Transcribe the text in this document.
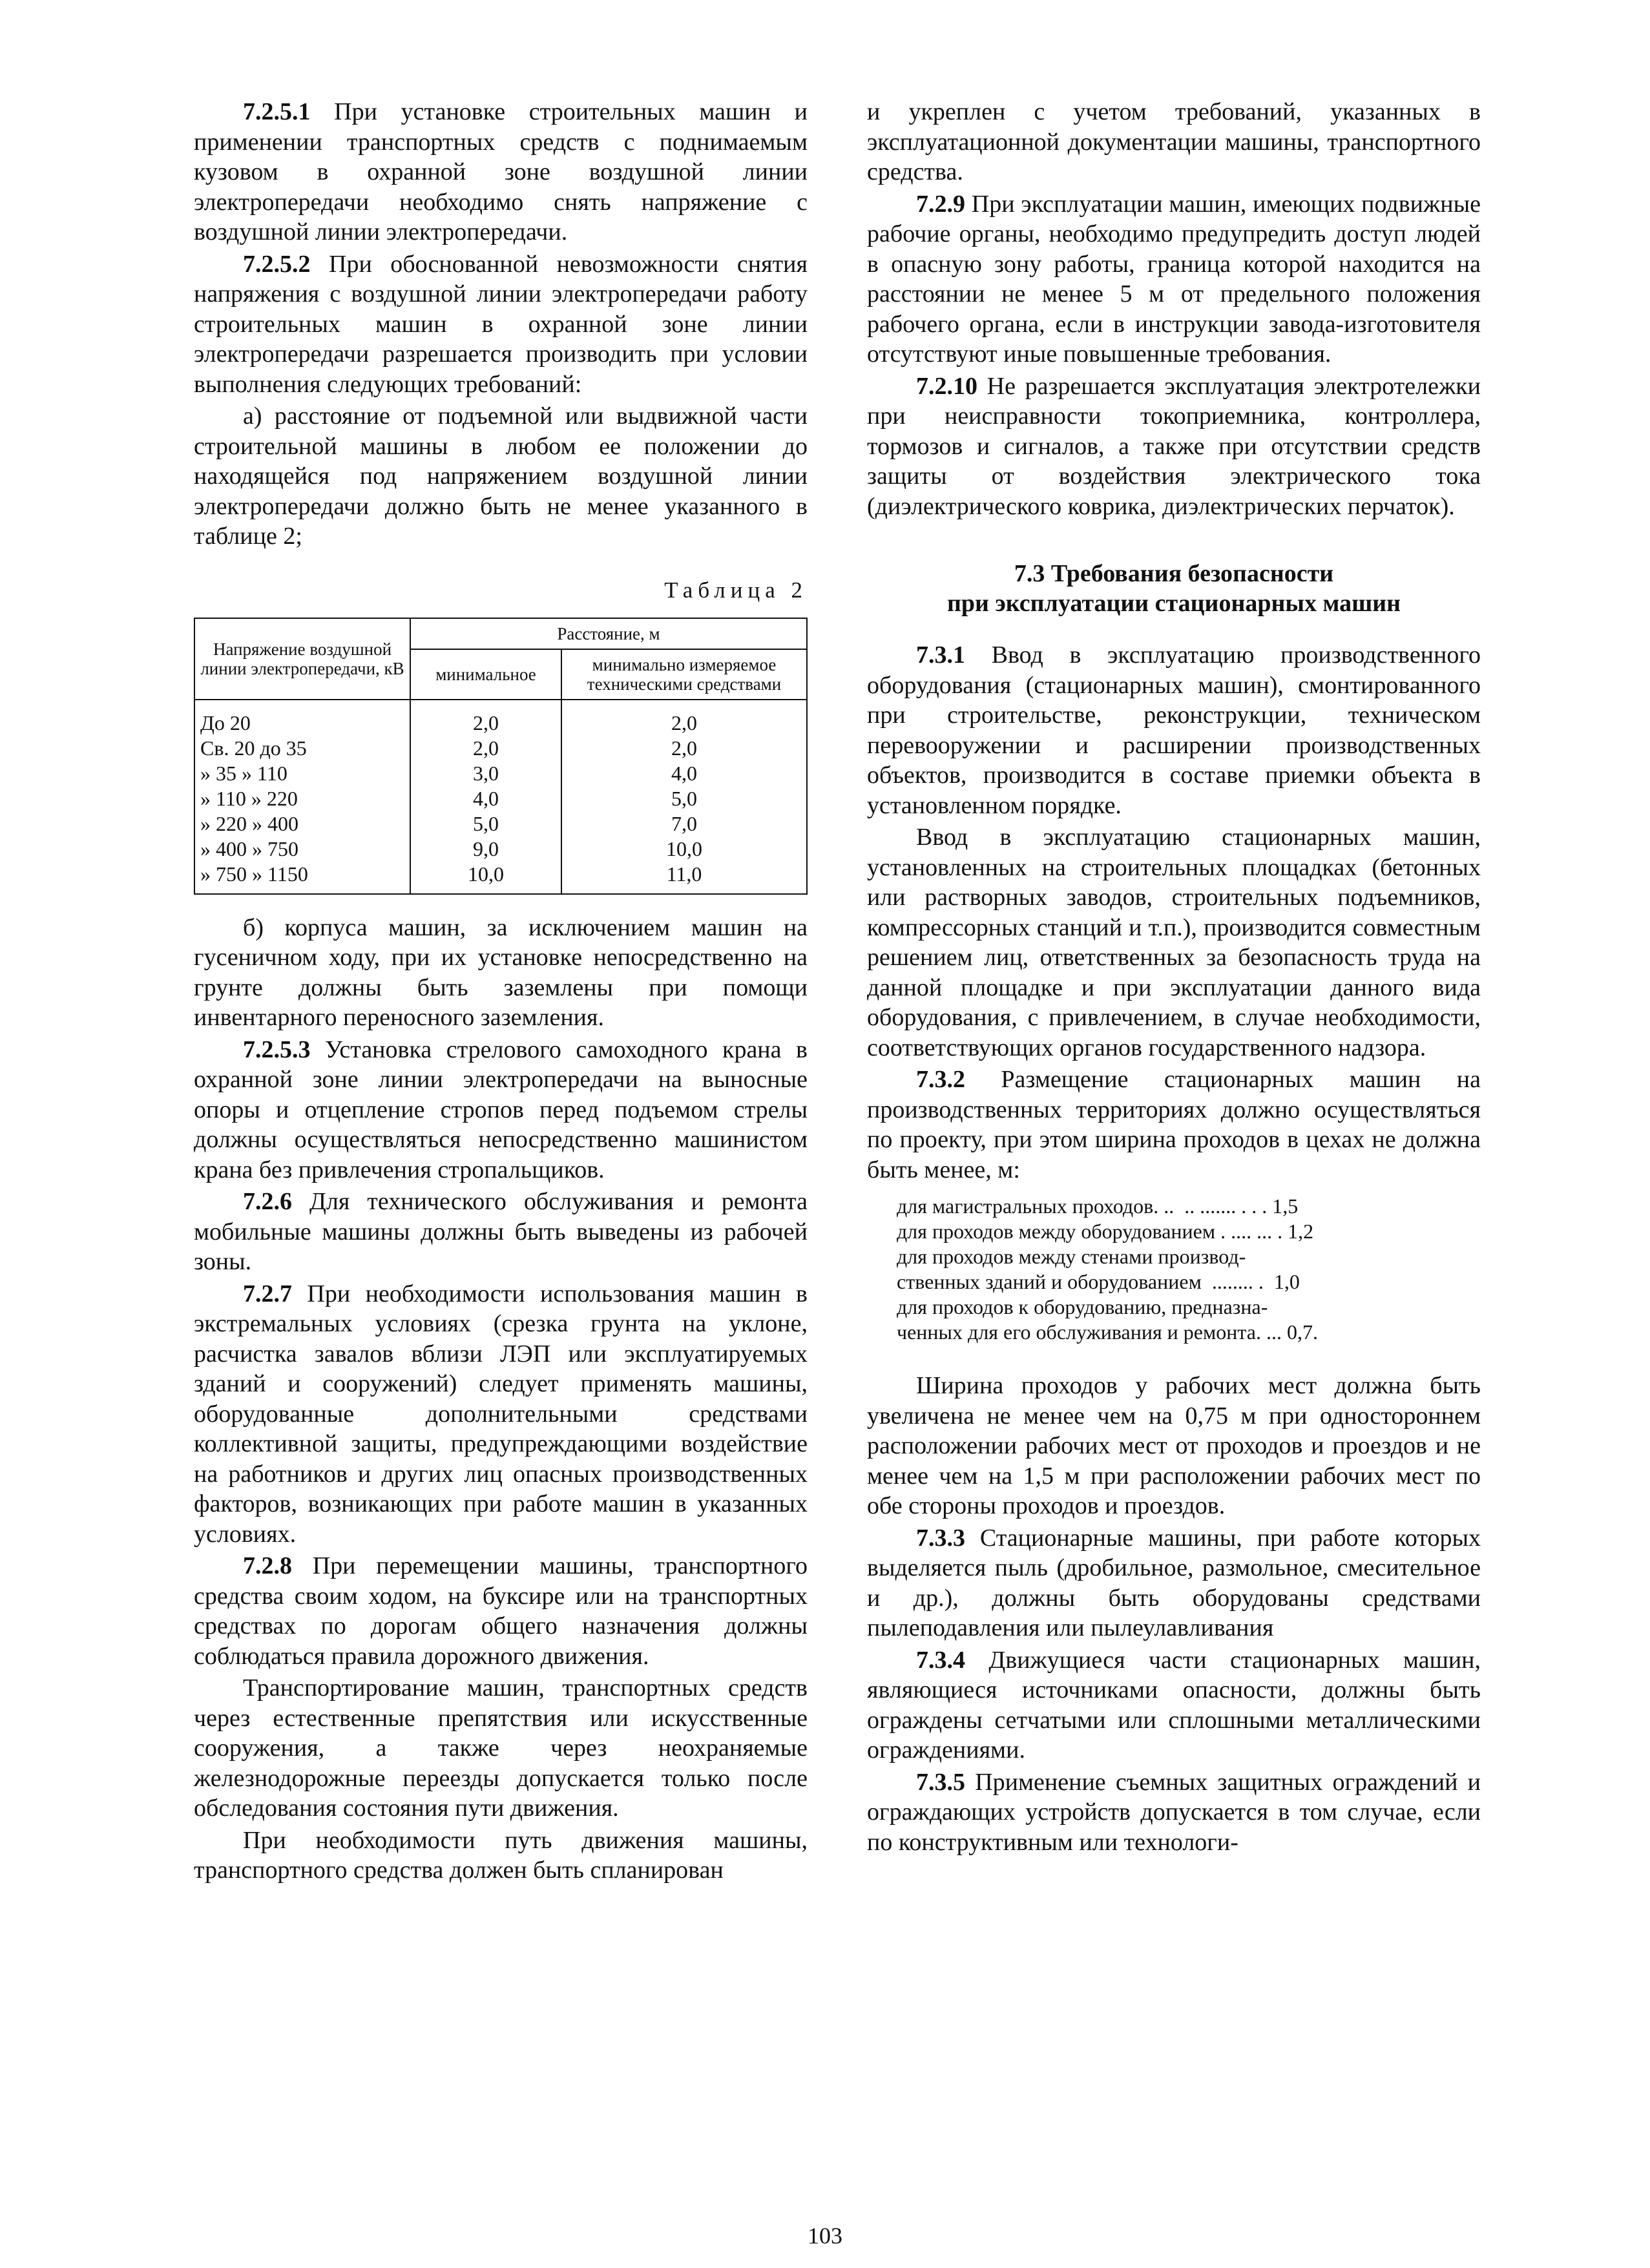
7.2.5.1 При установке строительных машин и применении транспортных средств с поднимаемым кузовом в охранной зоне воздушной линии электропередачи необходимо снять напряжение с воздушной линии электропередачи.

7.2.5.2 При обоснованной невозможности снятия напряжения с воздушной линии электропередачи работу строительных машин в охранной зоне линии электропередачи разрешается производить при условии выполнения следующих требований:

а) расстояние от подъемной или выдвижной части строительной машины в любом ее положении до находящейся под напряжением воздушной линии электропередачи должно быть не менее указанного в таблице 2;

Таблица 2
Напряжение воздушной линии электропередачи, кВ	Расстояние, м	
	минимальное	минимально измеряемое техническими средствами
До 20	2,0	2,0
Св. 20 до 35	2,0	2,0
» 35 » 110	3,0	4,0
» 110 » 220	4,0	5,0
» 220 » 400	5,0	7,0
» 400 » 750	9,0	10,0
» 750 » 1150	10,0	11,0

б) корпуса машин, за исключением машин на гусеничном ходу, при их установке непосредственно на грунте должны быть заземлены при помощи инвентарного переносного заземления.

7.2.5.3 Установка стрелового самоходного крана в охранной зоне линии электропередачи на выносные опоры и отцепление стропов перед подъемом стрелы должны осуществляться непосредственно машинистом крана без привлечения стропальщиков.

7.2.6 Для технического обслуживания и ремонта мобильные машины должны быть выведены из рабочей зоны.

7.2.7 При необходимости использования машин в экстремальных условиях (срезка грунта на уклоне, расчистка завалов вблизи ЛЭП или эксплуатируемых зданий и сооружений) следует применять машины, оборудованные дополнительными средствами коллективной защиты, предупреждающими воздействие на работников и других лиц опасных производственных факторов, возникающих при работе машин в указанных условиях.

7.2.8 При перемещении машины, транспортного средства своим ходом, на буксире или на транспортных средствах по дорогам общего назначения должны соблюдаться правила дорожного движения.

Транспортирование машин, транспортных средств через естественные препятствия или искусственные сооружения, а также через неохраняемые железнодорожные переезды допускается только после обследования состояния пути движения.

При необходимости путь движения машины, транспортного средства должен быть спланирован

и укреплен с учетом требований, указанных в эксплуатационной документации машины, транспортного средства.

7.2.9 При эксплуатации машин, имеющих подвижные рабочие органы, необходимо предупредить доступ людей в опасную зону работы, граница которой находится на расстоянии не менее 5 м от предельного положения рабочего органа, если в инструкции завода-изготовителя отсутствуют иные повышенные требования.

7.2.10 Не разрешается эксплуатация электротележки при неисправности токоприемника, контроллера, тормозов и сигналов, а также при отсутствии средств защиты от воздействия электрического тока (диэлектрического коврика, диэлектрических перчаток).

7.3 Требования безопасности
при эксплуатации стационарных машин

7.3.1 Ввод в эксплуатацию производственного оборудования (стационарных машин), смонтированного при строительстве, реконструкции, техническом перевооружении и расширении производственных объектов, производится в составе приемки объекта в установленном порядке.

Ввод в эксплуатацию стационарных машин, установленных на строительных площадках (бетонных или растворных заводов, строительных подъемников, компрессорных станций и т.п.), производится совместным решением лиц, ответственных за безопасность труда на данной площадке и при эксплуатации данного вида оборудования, с привлечением, в случае необходимости, соответствующих органов государственного надзора.

7.3.2 Размещение стационарных машин на производственных территориях должно осуществляться по проекту, при этом ширина проходов в цехах не должна быть менее, м:

для магистральных проходов. ..  .. ....... . . . 1,5
для проходов между оборудованием . .... ... . 1,2
для проходов между стенами производ-
ственных зданий и оборудованием  ........ .  1,0
для проходов к оборудованию, предназна-
ченных для его обслуживания и ремонта. ... 0,7.

Ширина проходов у рабочих мест должна быть увеличена не менее чем на 0,75 м при одностороннем расположении рабочих мест от проходов и проездов и не менее чем на 1,5 м при расположении рабочих мест по обе стороны проходов и проездов.

7.3.3 Стационарные машины, при работе которых выделяется пыль (дробильное, размольное, смесительное и др.), должны быть оборудованы средствами пылеподавления или пылеулавливания

7.3.4 Движущиеся части стационарных машин, являющиеся источниками опасности, должны быть ограждены сетчатыми или сплошными металлическими ограждениями.

7.3.5 Применение съемных защитных ограждений и ограждающих устройств допускается в том случае, если по конструктивным или технологи-

103
